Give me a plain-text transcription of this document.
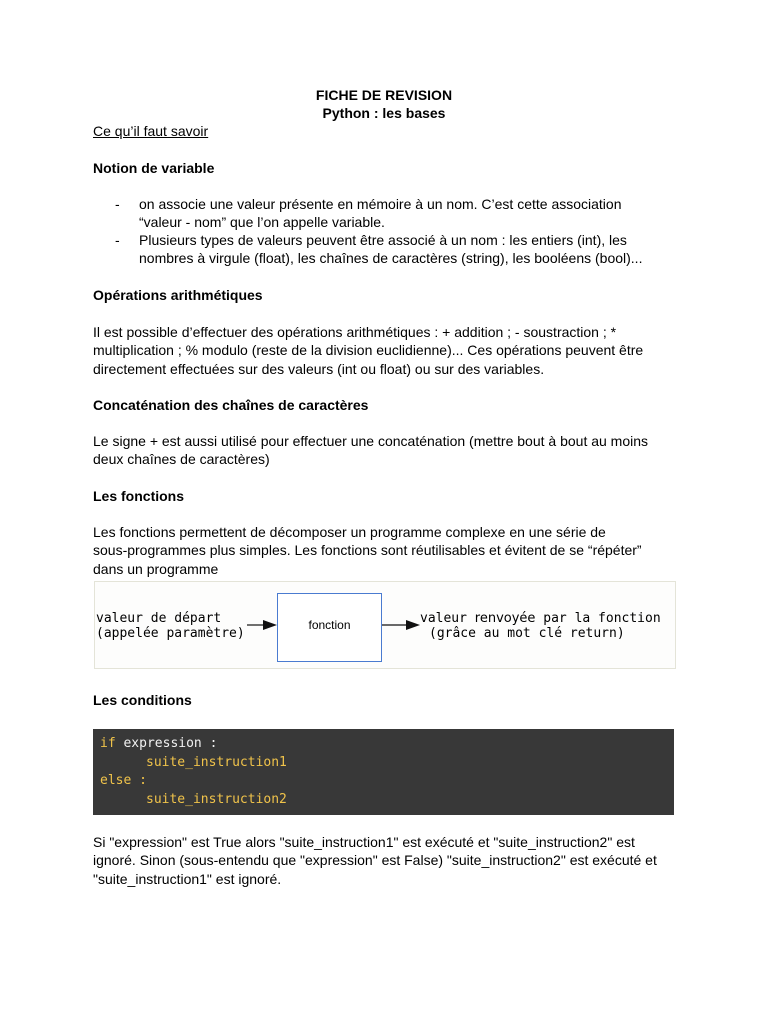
FICHE DE REVISION
Python : les bases
Ce qu’il faut savoir
Notion de variable
- on associe une valeur présente en mémoire à un nom. C’est cette association
“valeur - nom” que l’on appelle variable.
- Plusieurs types de valeurs peuvent être associé à un nom : les entiers (int), les
nombres à virgule (float), les chaînes de caractères (string), les booléens (bool)...
Opérations arithmétiques
Il est possible d’effectuer des opérations arithmétiques : + addition ; - soustraction ; *
multiplication ; % modulo (reste de la division euclidienne)... Ces opérations peuvent être
directement effectuées sur des valeurs (int ou float) ou sur des variables.
Concaténation des chaînes de caractères
Le signe + est aussi utilisé pour effectuer une concaténation (mettre bout à bout au moins
deux chaînes de caractères)
Les fonctions
Les fonctions permettent de décomposer un programme complexe en une série de
sous-programmes plus simples. Les fonctions sont réutilisables et évitent de se “répéter”
dans un programme
valeur de départ
(appelée paramètre)
fonction	valeur renvoyée par la fonction
(grâce au mot clé return)
Les conditions
if expression :
suite_instruction1
else :
suite_instruction2
Si "expression" est True alors "suite_instruction1" est exécuté et "suite_instruction2" est
ignoré. Sinon (sous-entendu que "expression" est False) "suite_instruction2" est exécuté et
"suite_instruction1" est ignoré.
